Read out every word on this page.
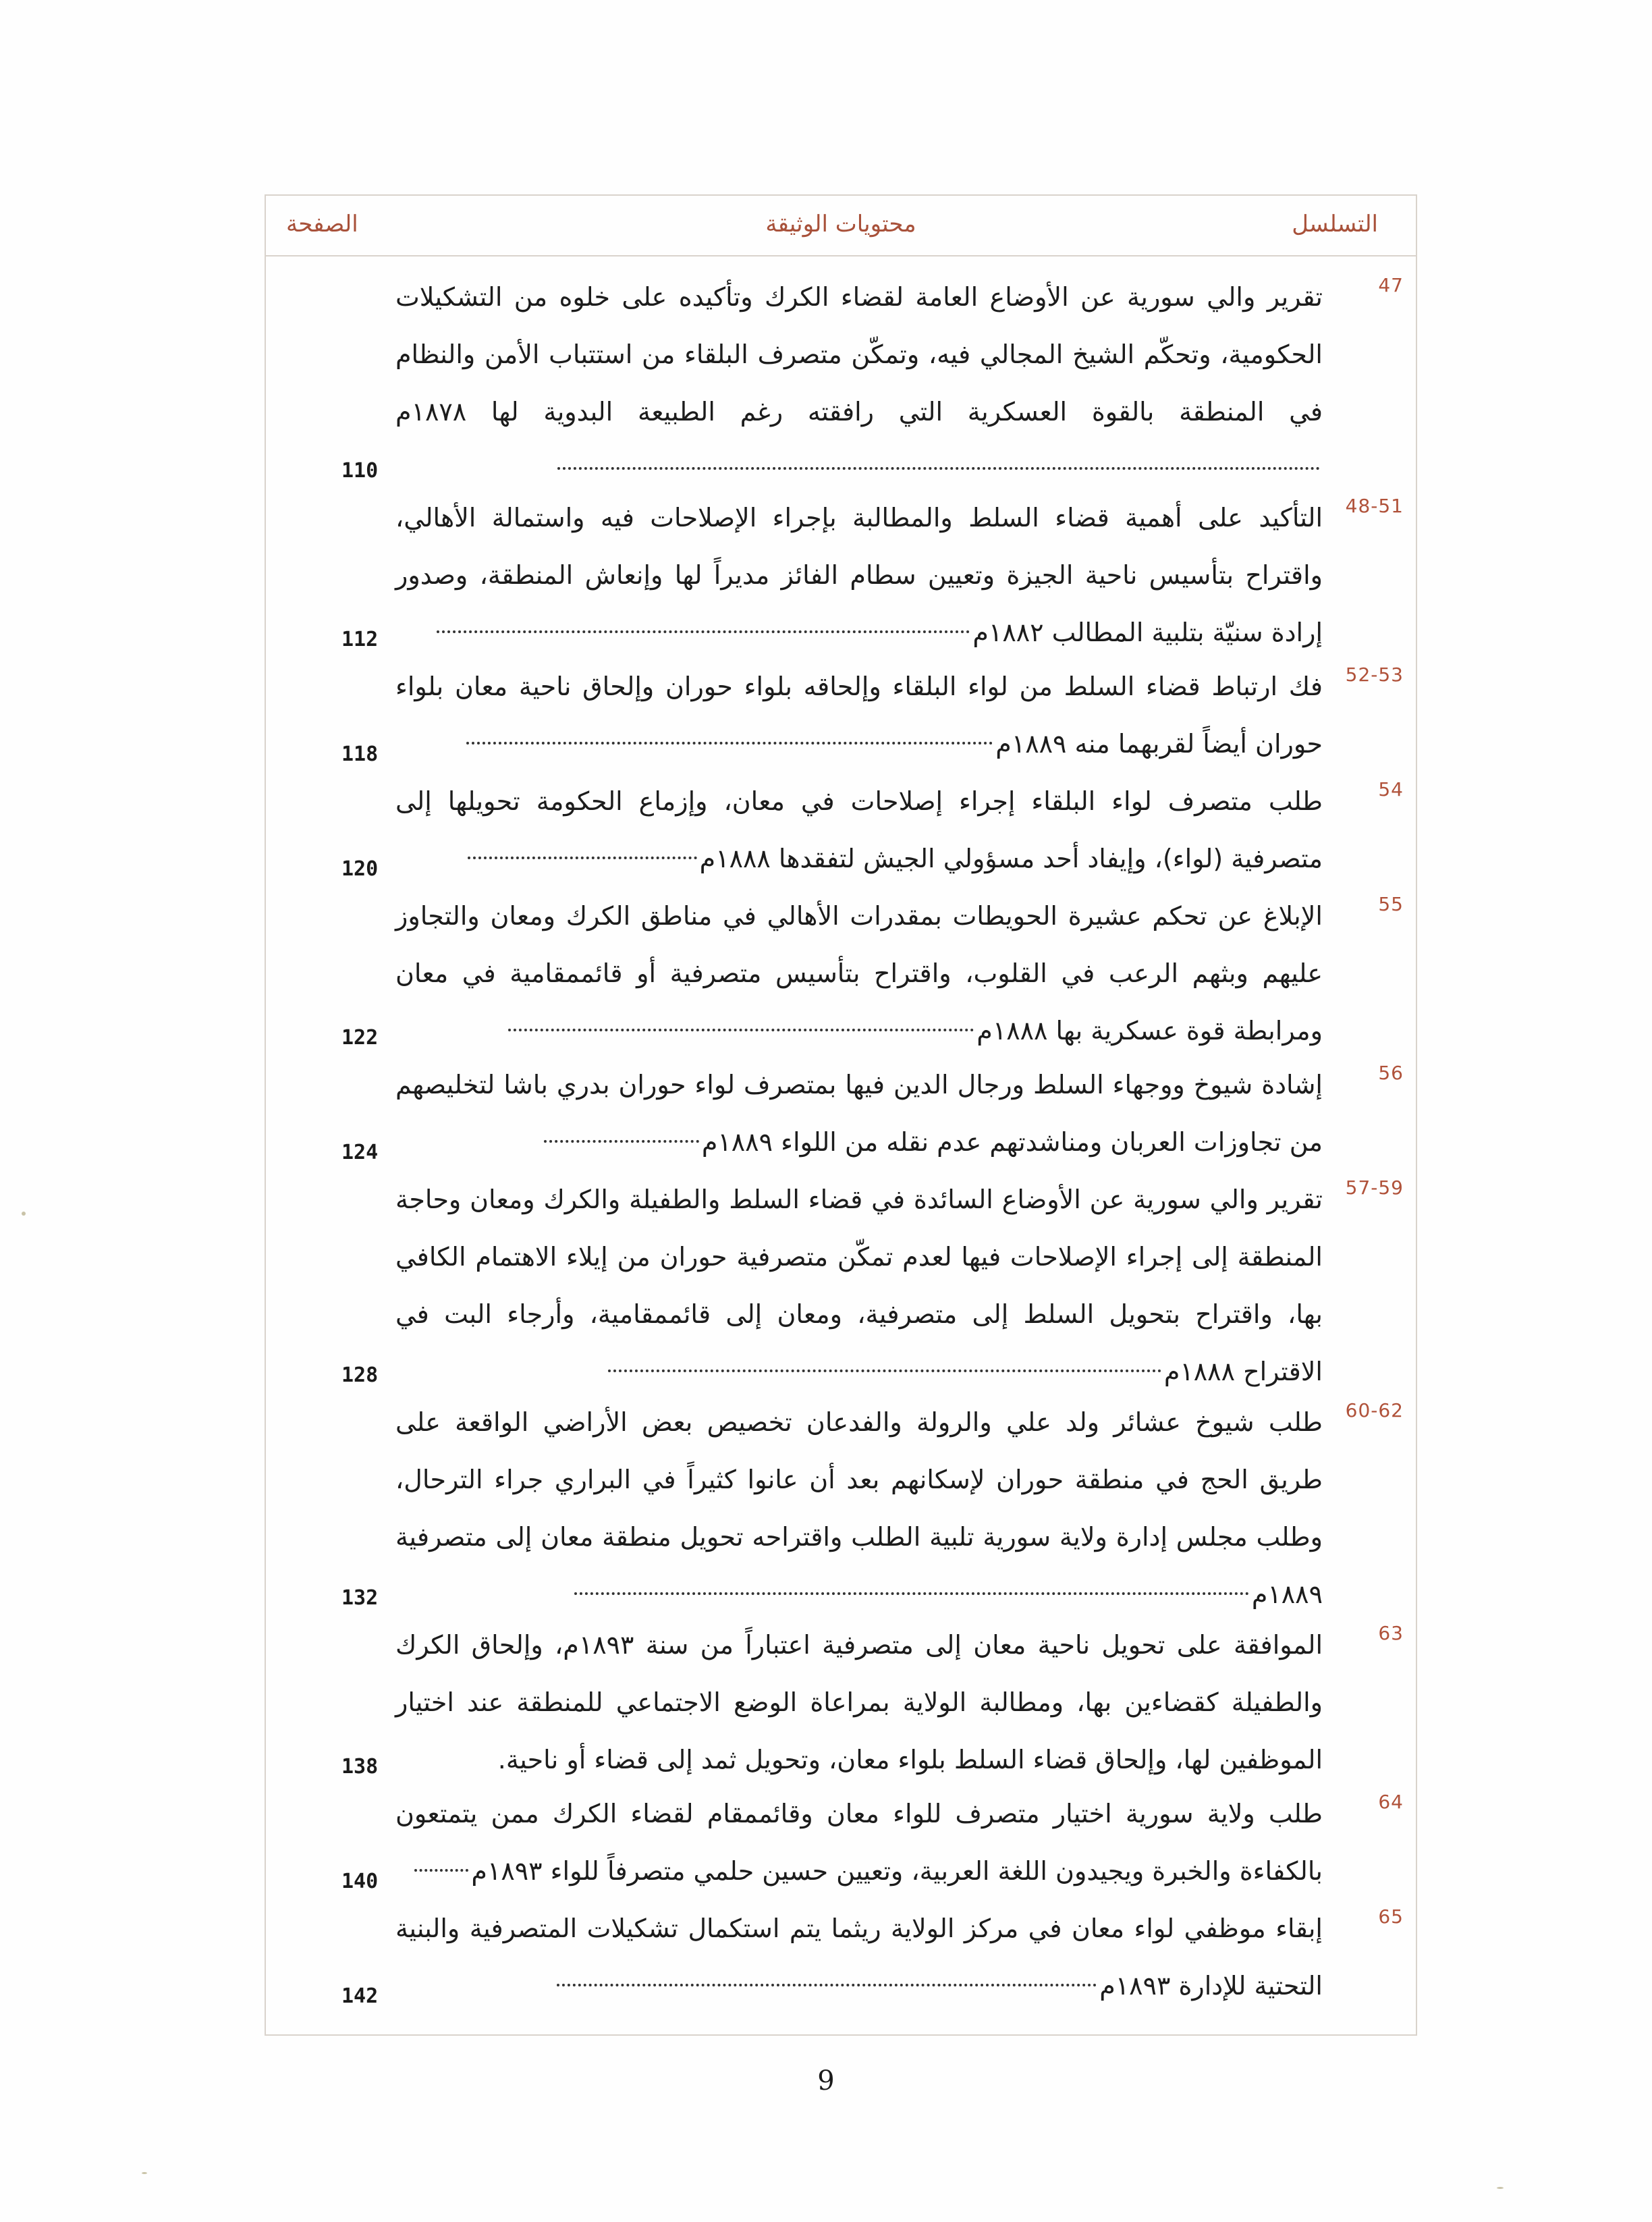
التسلسل
محتويات الوثيقة
الصفحة
47
تقرير والي سورية عن الأوضاع العامة لقضاء الكرك وتأكيده على خلوه من التشكيلات الحكومية، وتحكّم الشيخ المجالي فيه، وتمكّن متصرف البلقاء من استتباب الأمن والنظام في المنطقة بالقوة العسكرية التي رافقته رغم الطبيعة البدوية لها ١٨٧٨م
110
48-51
التأكيد على أهمية قضاء السلط والمطالبة بإجراء الإصلاحات فيه واستمالة الأهالي، واقتراح بتأسيس ناحية الجيزة وتعيين سطام الفائز مديراً لها وإنعاش المنطقة، وصدور إرادة سنيّة بتلبية المطالب ١٨٨٢م
112
52-53
فك ارتباط قضاء السلط من لواء البلقاء وإلحاقه بلواء حوران وإلحاق ناحية معان بلواء حوران أيضاً لقربهما منه ١٨٨٩م
118
54
طلب متصرف لواء البلقاء إجراء إصلاحات في معان، وإزماع الحكومة تحويلها إلى متصرفية (لواء)، وإيفاد أحد مسؤولي الجيش لتفقدها ١٨٨٨م
120
55
الإبلاغ عن تحكم عشيرة الحويطات بمقدرات الأهالي في مناطق الكرك ومعان والتجاوز عليهم وبثهم الرعب في القلوب، واقتراح بتأسيس متصرفية أو قائممقامية في معان ومرابطة قوة عسكرية بها ١٨٨٨م
122
56
إشادة شيوخ ووجهاء السلط ورجال الدين فيها بمتصرف لواء حوران بدري باشا لتخليصهم من تجاوزات العربان ومناشدتهم عدم نقله من اللواء ١٨٨٩م
124
57-59
تقرير والي سورية عن الأوضاع السائدة في قضاء السلط والطفيلة والكرك ومعان وحاجة المنطقة إلى إجراء الإصلاحات فيها لعدم تمكّن متصرفية حوران من إيلاء الاهتمام الكافي بها، واقتراح بتحويل السلط إلى متصرفية، ومعان إلى قائممقامية، وأرجاء البت في الاقتراح ١٨٨٨م
128
60-62
طلب شيوخ عشائر ولد علي والرولة والفدعان تخصيص بعض الأراضي الواقعة على طريق الحج في منطقة حوران لإسكانهم بعد أن عانوا كثيراً في البراري جراء الترحال، وطلب مجلس إدارة ولاية سورية تلبية الطلب واقتراحه تحويل منطقة معان إلى متصرفية ١٨٨٩م
132
63
الموافقة على تحويل ناحية معان إلى متصرفية اعتباراً من سنة ١٨٩٣م، وإلحاق الكرك والطفيلة كقضاءين بها، ومطالبة الولاية بمراعاة الوضع الاجتماعي للمنطقة عند اختيار الموظفين لها، وإلحاق قضاء السلط بلواء معان، وتحويل ثمد إلى قضاء أو ناحية.
138
64
طلب ولاية سورية اختيار متصرف للواء معان وقائممقام لقضاء الكرك ممن يتمتعون بالكفاءة والخبرة ويجيدون اللغة العربية، وتعيين حسين حلمي متصرفاً للواء ١٨٩٣م
140
65
إبقاء موظفي لواء معان في مركز الولاية ريثما يتم استكمال تشكيلات المتصرفية والبنية التحتية للإدارة ١٨٩٣م
142
9
